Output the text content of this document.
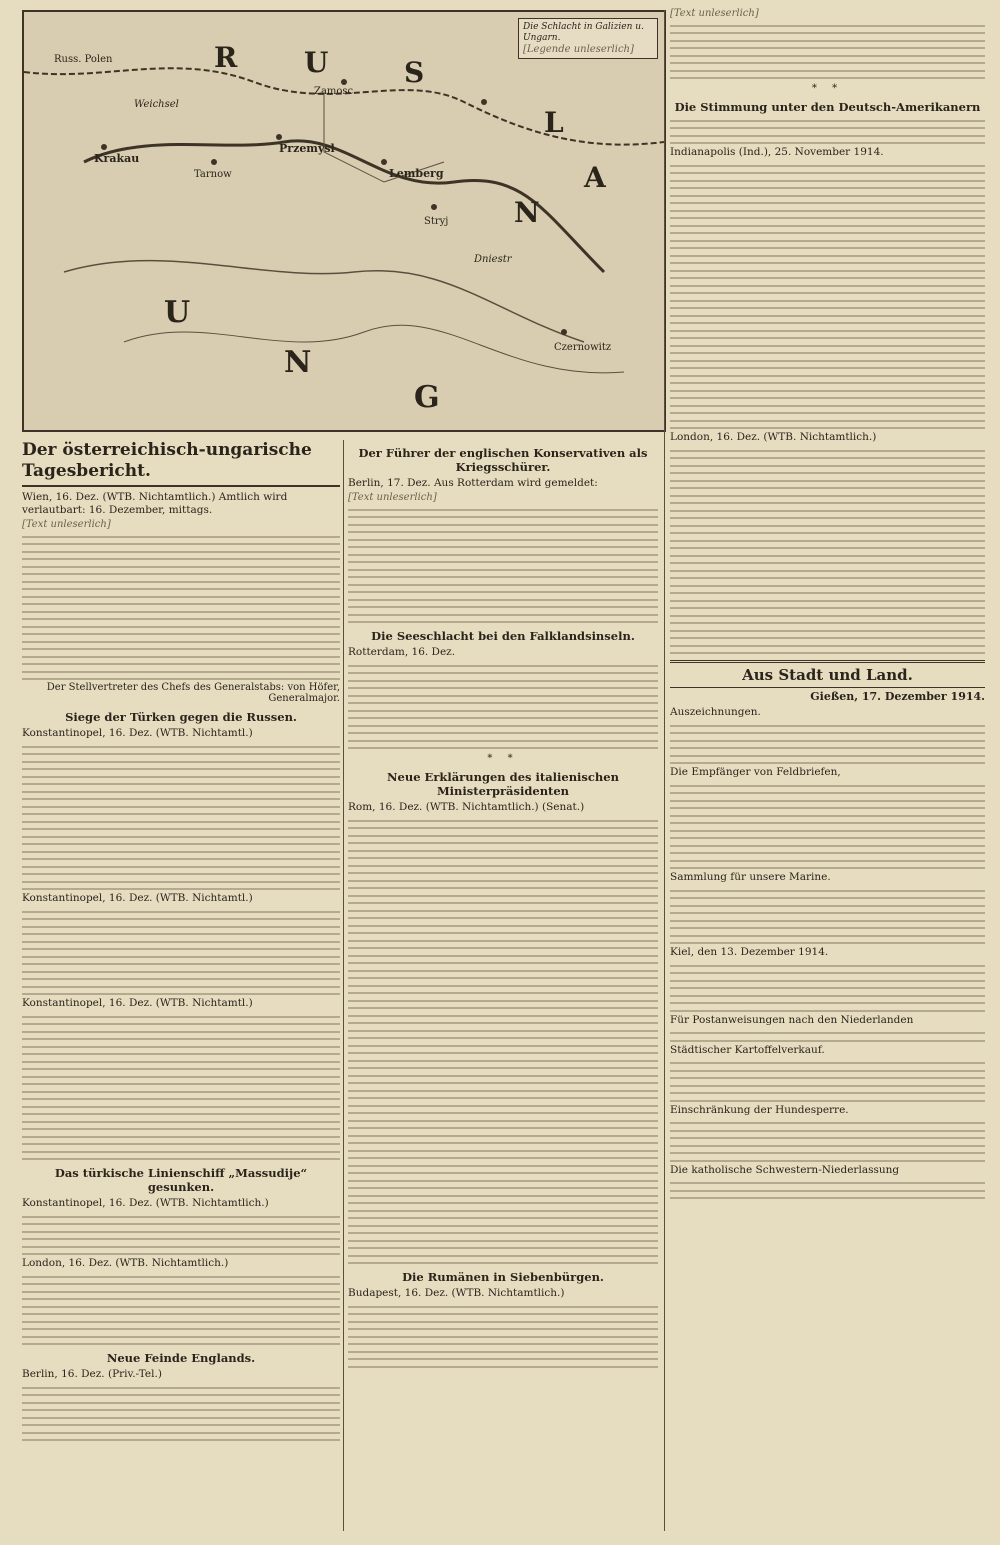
R U	S
L
A
N
U
N
G
Russ. Polen
Zamosc
Lemberg
Przemysl
Krakau
Tarnow
Stryj
Czernowitz
Dniestr
Weichsel
Die Schlacht in Galizien u. Ungarn.
[Legende unleserlich]
Der österreichisch-ungarische Tagesbericht.
Wien, 16. Dez. (WTB. Nichtamtlich.) Amtlich wird verlautbart: 16. Dezember, mittags.
[Text unleserlich]
Der Stellvertreter des Chefs des Generalstabs: von Höfer, Generalmajor.
Siege der Türken gegen die Russen.
Konstantinopel, 16. Dez. (WTB. Nichtamtl.)
Konstantinopel, 16. Dez. (WTB. Nichtamtl.)
Konstantinopel, 16. Dez. (WTB. Nichtamtl.)
Das türkische Linienschiff „Massudije“ gesunken.
Konstantinopel, 16. Dez. (WTB. Nichtamtlich.)
London, 16. Dez. (WTB. Nichtamtlich.)
Neue Feinde Englands.
Berlin, 16. Dez. (Priv.-Tel.)
Der Führer der englischen Konservativen als Kriegsschürer.
Berlin, 17. Dez. Aus Rotterdam wird gemeldet:
[Text unleserlich]
Die Seeschlacht bei den Falklandsinseln.
Rotterdam, 16. Dez.
* *
Neue Erklärungen des italienischen Ministerpräsidenten
Rom, 16. Dez. (WTB. Nichtamtlich.) (Senat.)
Die Rumänen in Siebenbürgen.
Budapest, 16. Dez. (WTB. Nichtamtlich.)
[Text unleserlich]
* *
Die Stimmung unter den Deutsch-Amerikanern
Indianapolis (Ind.), 25. November 1914.
London, 16. Dez. (WTB. Nichtamtlich.)
Aus Stadt und Land.
Gießen, 17. Dezember 1914.
Auszeichnungen.
Die Empfänger von Feldbriefen,
Sammlung für unsere Marine.
Kiel, den 13. Dezember 1914.
Für Postanweisungen nach den Niederlanden
Städtischer Kartoffelverkauf.
Einschränkung der Hundesperre.
Die katholische Schwestern-Niederlassung
